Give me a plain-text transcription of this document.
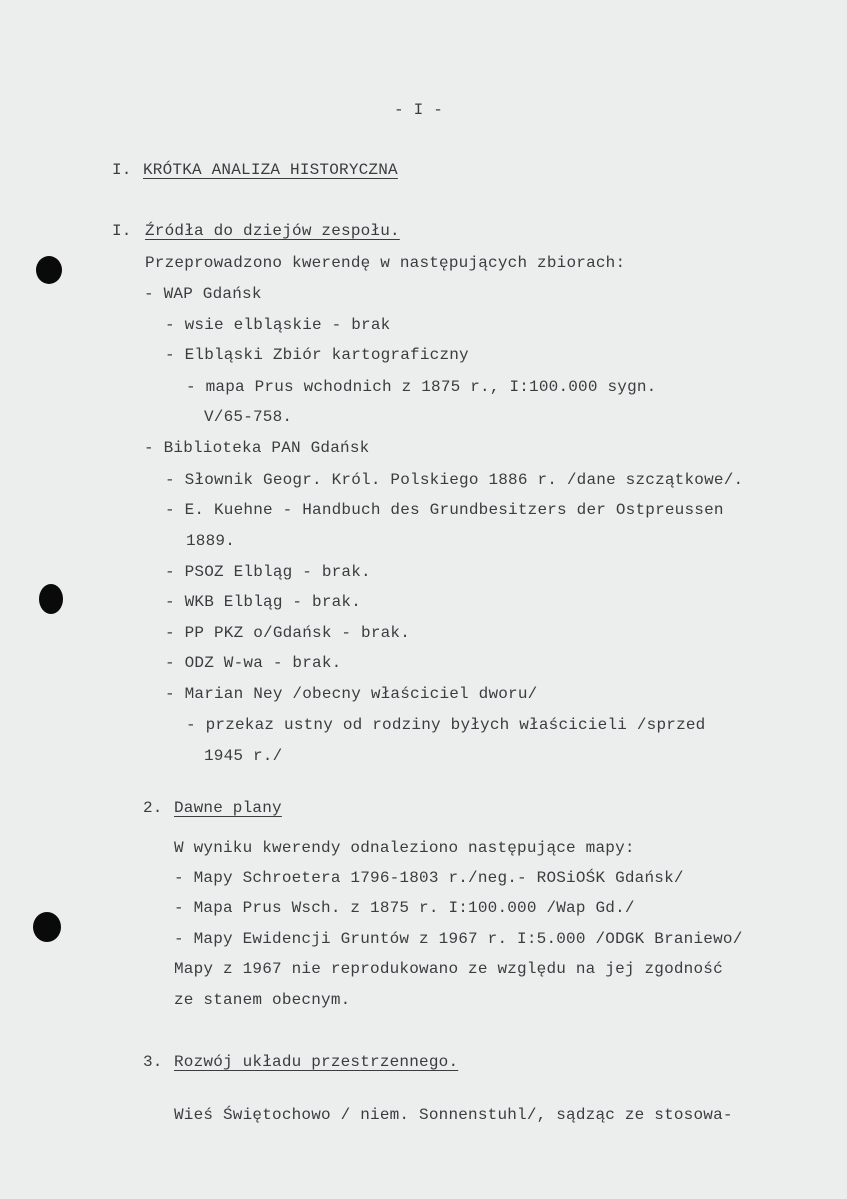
- I -
I. KRÓTKA ANALIZA HISTORYCZNA
I. Źródła do dziejów zespołu.
Przeprowadzono kwerendę w następujących zbiorach:
- WAP Gdańsk
- wsie elbląskie - brak
- Elbląski Zbiór kartograficzny
- mapa Prus wchodnich z 1875 r., I:100.000 sygn.
V/65-758.
- Biblioteka PAN Gdańsk
- Słownik Geogr. Król. Polskiego 1886 r. /dane szczątkowe/.
- E. Kuehne - Handbuch des Grundbesitzers der Ostpreussen
1889.
- PSOZ Elbląg - brak.
- WKB Elbląg - brak.
- PP PKZ o/Gdańsk - brak.
- ODZ W-wa - brak.
- Marian Ney /obecny właściciel dworu/
- przekaz ustny od rodziny byłych właścicieli /sprzed
1945 r./
2. Dawne plany
W wyniku kwerendy odnaleziono następujące mapy:
- Mapy Schroetera 1796-1803 r./neg.- ROSiOŚK Gdańsk/
- Mapa Prus Wsch. z 1875 r. I:100.000 /Wap Gd./
- Mapy Ewidencji Gruntów z 1967 r. I:5.000 /ODGK Braniewo/
Mapy z 1967 nie reprodukowano ze względu na jej zgodność
ze stanem obecnym.
3. Rozwój układu przestrzennego.
Wieś Świętochowo / niem. Sonnenstuhl/, sądząc ze stosowa-
